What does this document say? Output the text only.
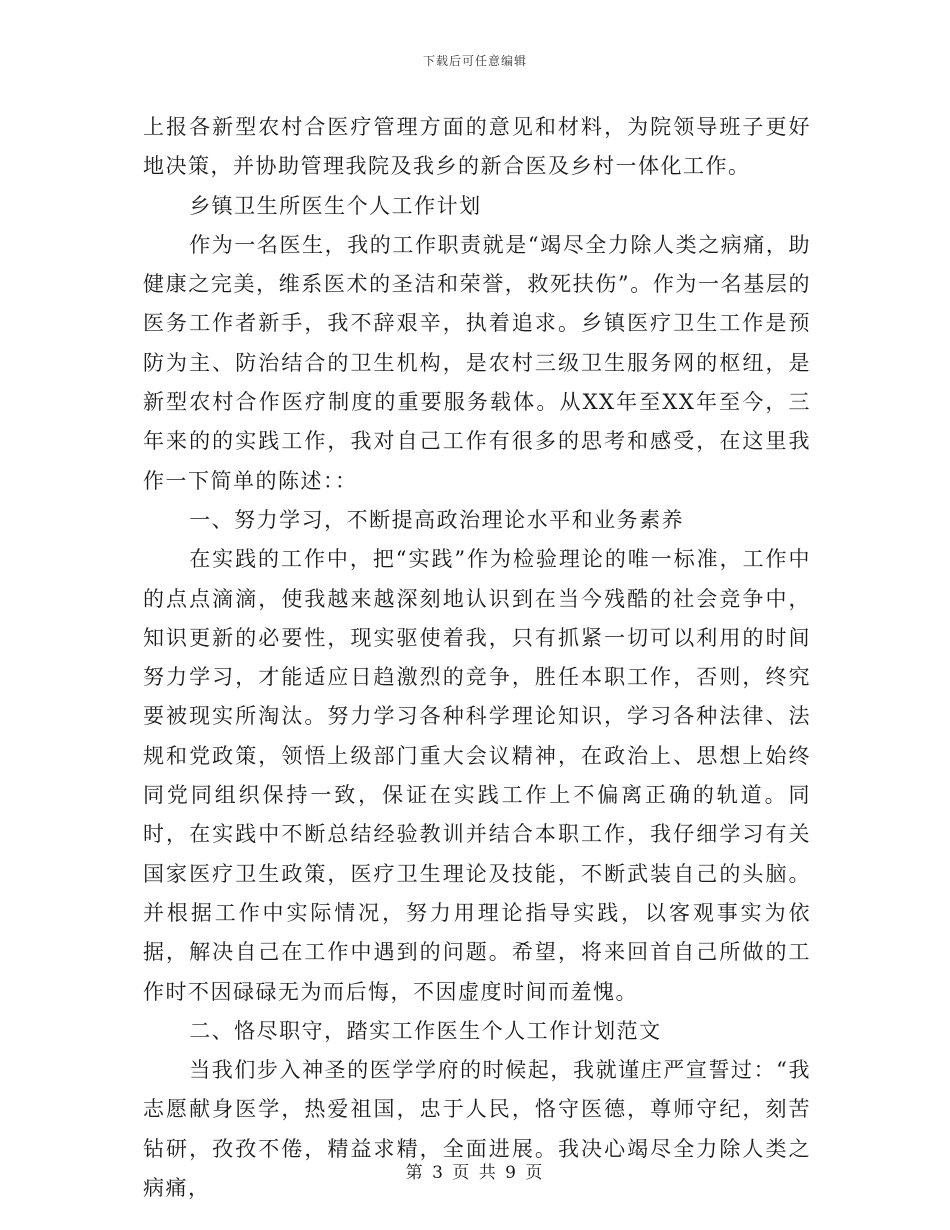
下载后可任意编辑

上报各新型农村合医疗管理方面的意见和材料，为院领导班子更好地决策，并协助管理我院及我乡的新合医及乡村一体化工作。

乡镇卫生所医生个人工作计划

作为一名医生，我的工作职责就是“竭尽全力除人类之病痛，助健康之完美，维系医术的圣洁和荣誉，救死扶伤”。作为一名基层的医务工作者新手，我不辞艰辛，执着追求。乡镇医疗卫生工作是预防为主、防治结合的卫生机构，是农村三级卫生服务网的枢纽，是新型农村合作医疗制度的重要服务载体。从XX年至XX年至今，三年来的的实践工作，我对自己工作有很多的思考和感受，在这里我作一下简单的陈述：：

一、努力学习，不断提高政治理论水平和业务素养

在实践的工作中，把“实践”作为检验理论的唯一标准，工作中的点点滴滴，使我越来越深刻地认识到在当今残酷的社会竞争中，知识更新的必要性，现实驱使着我，只有抓紧一切可以利用的时间努力学习，才能适应日趋激烈的竞争，胜任本职工作，否则，终究要被现实所淘汰。努力学习各种科学理论知识，学习各种法律、法规和党政策，领悟上级部门重大会议精神，在政治上、思想上始终同党同组织保持一致，保证在实践工作上不偏离正确的轨道。同时，在实践中不断总结经验教训并结合本职工作，我仔细学习有关国家医疗卫生政策，医疗卫生理论及技能，不断武装自己的头脑。并根据工作中实际情况，努力用理论指导实践，以客观事实为依据，解决自己在工作中遇到的问题。希望，将来回首自己所做的工作时不因碌碌无为而后悔，不因虚度时间而羞愧。

二、恪尽职守，踏实工作医生个人工作计划范文

当我们步入神圣的医学学府的时候起，我就谨庄严宣誓过：“我志愿献身医学，热爱祖国，忠于人民，恪守医德，尊师守纪，刻苦钻研，孜孜不倦，精益求精，全面进展。我决心竭尽全力除人类之病痛，

第 3 页 共 9 页
